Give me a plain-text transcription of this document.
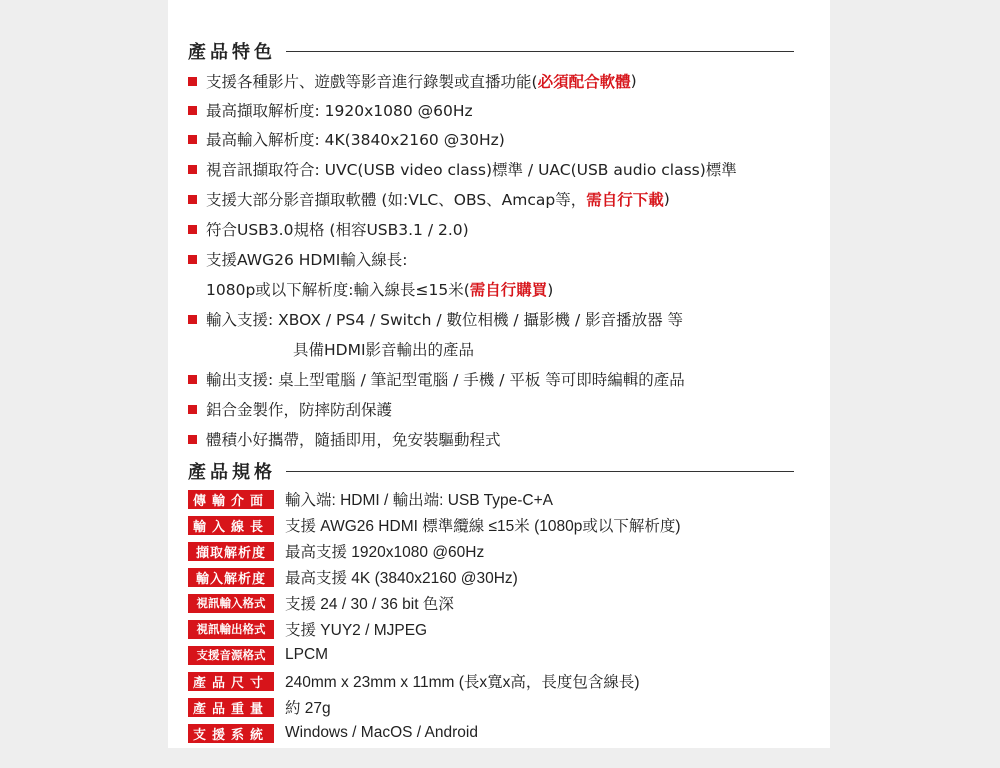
產品特色
支援各種影片、遊戲等影音進行錄製或直播功能( 必須配合軟體 )
最高擷取解析度: 1920x1080 @60Hz
最高輸入解析度: 4K(3840x2160 @30Hz)
視音訊擷取符合: UVC(USB video class)標準 / UAC(USB audio class)標準
支援大部分影音擷取軟體 (如:VLC、OBS、Amcap等， 需自行下載 )
符合USB3.0規格 (相容USB3.1 / 2.0)
支援AWG26 HDMI輸入線長:
1080p或以下解析度:輸入線長≤15米(需自行購買)
輸入支援: XBOX / PS4 / Switch / 數位相機 / 攝影機 / 影音播放器 等
具備HDMI影音輸出的產品
輸出支援: 桌上型電腦 / 筆記型電腦 / 手機 / 平板 等可即時編輯的產品
鋁合金製作，防摔防刮保護
體積小好攜帶，隨插即用，免安裝驅動程式
產品規格
傳輸介面	輸入端: HDMI / 輸出端: USB Type-C+A
輸入線長	支援 AWG26 HDMI 標準纜線 ≤15米 (1080p或以下解析度)
擷取解析度	最高支援 1920x1080 @60Hz
輸入解析度	最高支援 4K (3840x2160 @30Hz)
視訊輸入格式	支援 24 / 30 / 36 bit 色深
視訊輸出格式	支援 YUY2 / MJPEG
支援音源格式	LPCM
產品尺寸	240mm x 23mm x 11mm (長x寬x高，長度包含線長)
產品重量	約 27g
支援系統	Windows / MacOS / Android
